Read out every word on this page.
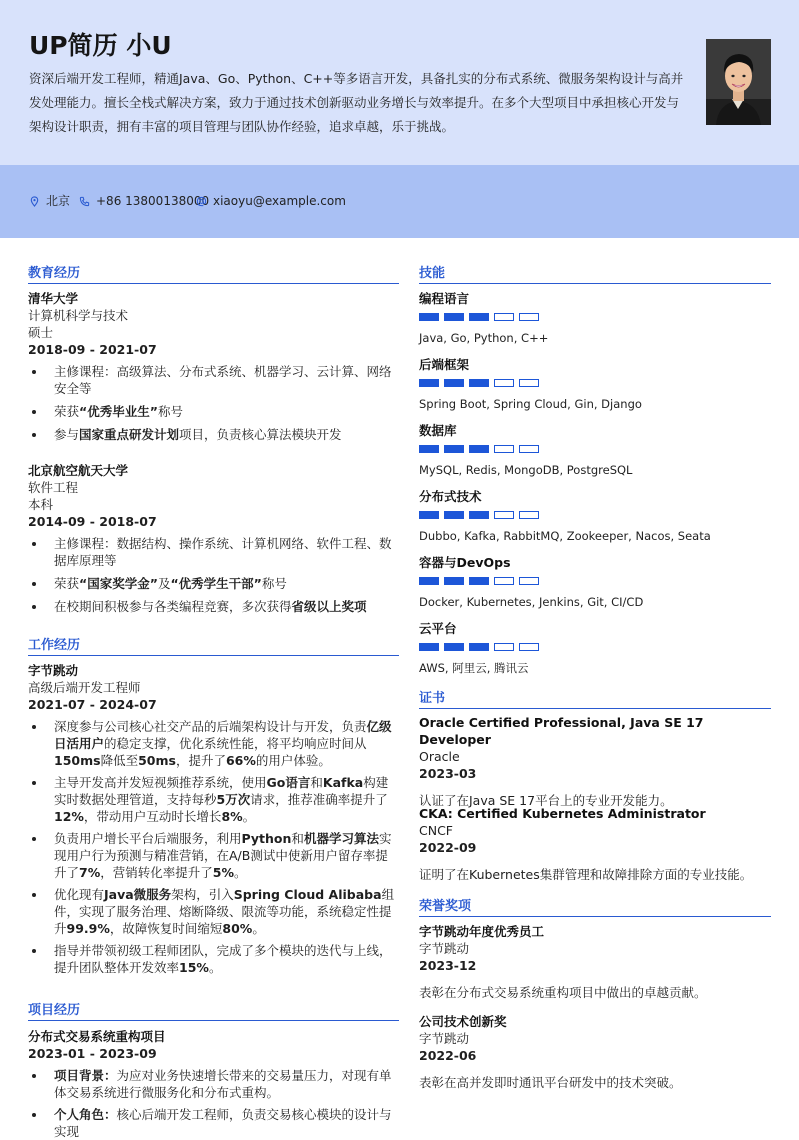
UP简历 小U
资深后端开发工程师，精通Java、Go、Python、C++等多语言开发，具备扎实的分布式系统、微服务架构设计与高并发处理能力。擅长全栈式解决方案，致力于通过技术创新驱动业务增长与效率提升。在多个大型项目中承担核心开发与架构设计职责，拥有丰富的项目管理与团队协作经验，追求卓越，乐于挑战。
北京 +86 13800138000 xiaoyu@example.com
教育经历
清华大学
计算机科学与技术
硕士
2018-09 - 2021-07
主修课程：高级算法、分布式系统、机器学习、云计算、网络安全等
荣获“优秀毕业生”称号
参与国家重点研发计划项目，负责核心算法模块开发
北京航空航天大学
软件工程
本科
2014-09 - 2018-07
主修课程：数据结构、操作系统、计算机网络、软件工程、数据库原理等
荣获“国家奖学金”及“优秀学生干部”称号
在校期间积极参与各类编程竞赛，多次获得省级以上奖项
工作经历
字节跳动
高级后端开发工程师
2021-07 - 2024-07
深度参与公司核心社交产品的后端架构设计与开发，负责亿级日活用户的稳定支撑，优化系统性能，将平均响应时间从150ms降低至50ms，提升了66%的用户体验。
主导开发高并发短视频推荐系统，使用Go语言和Kafka构建实时数据处理管道，支持每秒5万次请求，推荐准确率提升了12%，带动用户互动时长增长8%。
负责用户增长平台后端服务，利用Python和机器学习算法实现用户行为预测与精准营销，在A/B测试中使新用户留存率提升了7%，营销转化率提升了5%。
优化现有Java微服务架构，引入Spring Cloud Alibaba组件，实现了服务治理、熔断降级、限流等功能，系统稳定性提升99.9%，故障恢复时间缩短80%。
指导并带领初级工程师团队，完成了多个模块的迭代与上线，提升团队整体开发效率15%。
项目经历
分布式交易系统重构项目
2023-01 - 2023-09
项目背景：为应对业务快速增长带来的交易量压力，对现有单体交易系统进行微服务化和分布式重构。
个人角色：核心后端开发工程师，负责交易核心模块的设计与实现
技能
编程语言
Java, Go, Python, C++
后端框架
Spring Boot, Spring Cloud, Gin, Django
数据库
MySQL, Redis, MongoDB, PostgreSQL
分布式技术
Dubbo, Kafka, RabbitMQ, Zookeeper, Nacos, Seata
容器与DevOps
Docker, Kubernetes, Jenkins, Git, CI/CD
云平台
AWS, 阿里云, 腾讯云
证书
Oracle Certified Professional, Java SE 17 Developer
Oracle
2023-03
认证了在Java SE 17平台上的专业开发能力。
CKA: Certified Kubernetes Administrator
CNCF
2022-09
证明了在Kubernetes集群管理和故障排除方面的专业技能。
荣誉奖项
字节跳动年度优秀员工
字节跳动
2023-12
表彰在分布式交易系统重构项目中做出的卓越贡献。
公司技术创新奖
字节跳动
2022-06
表彰在高并发即时通讯平台研发中的技术突破。
